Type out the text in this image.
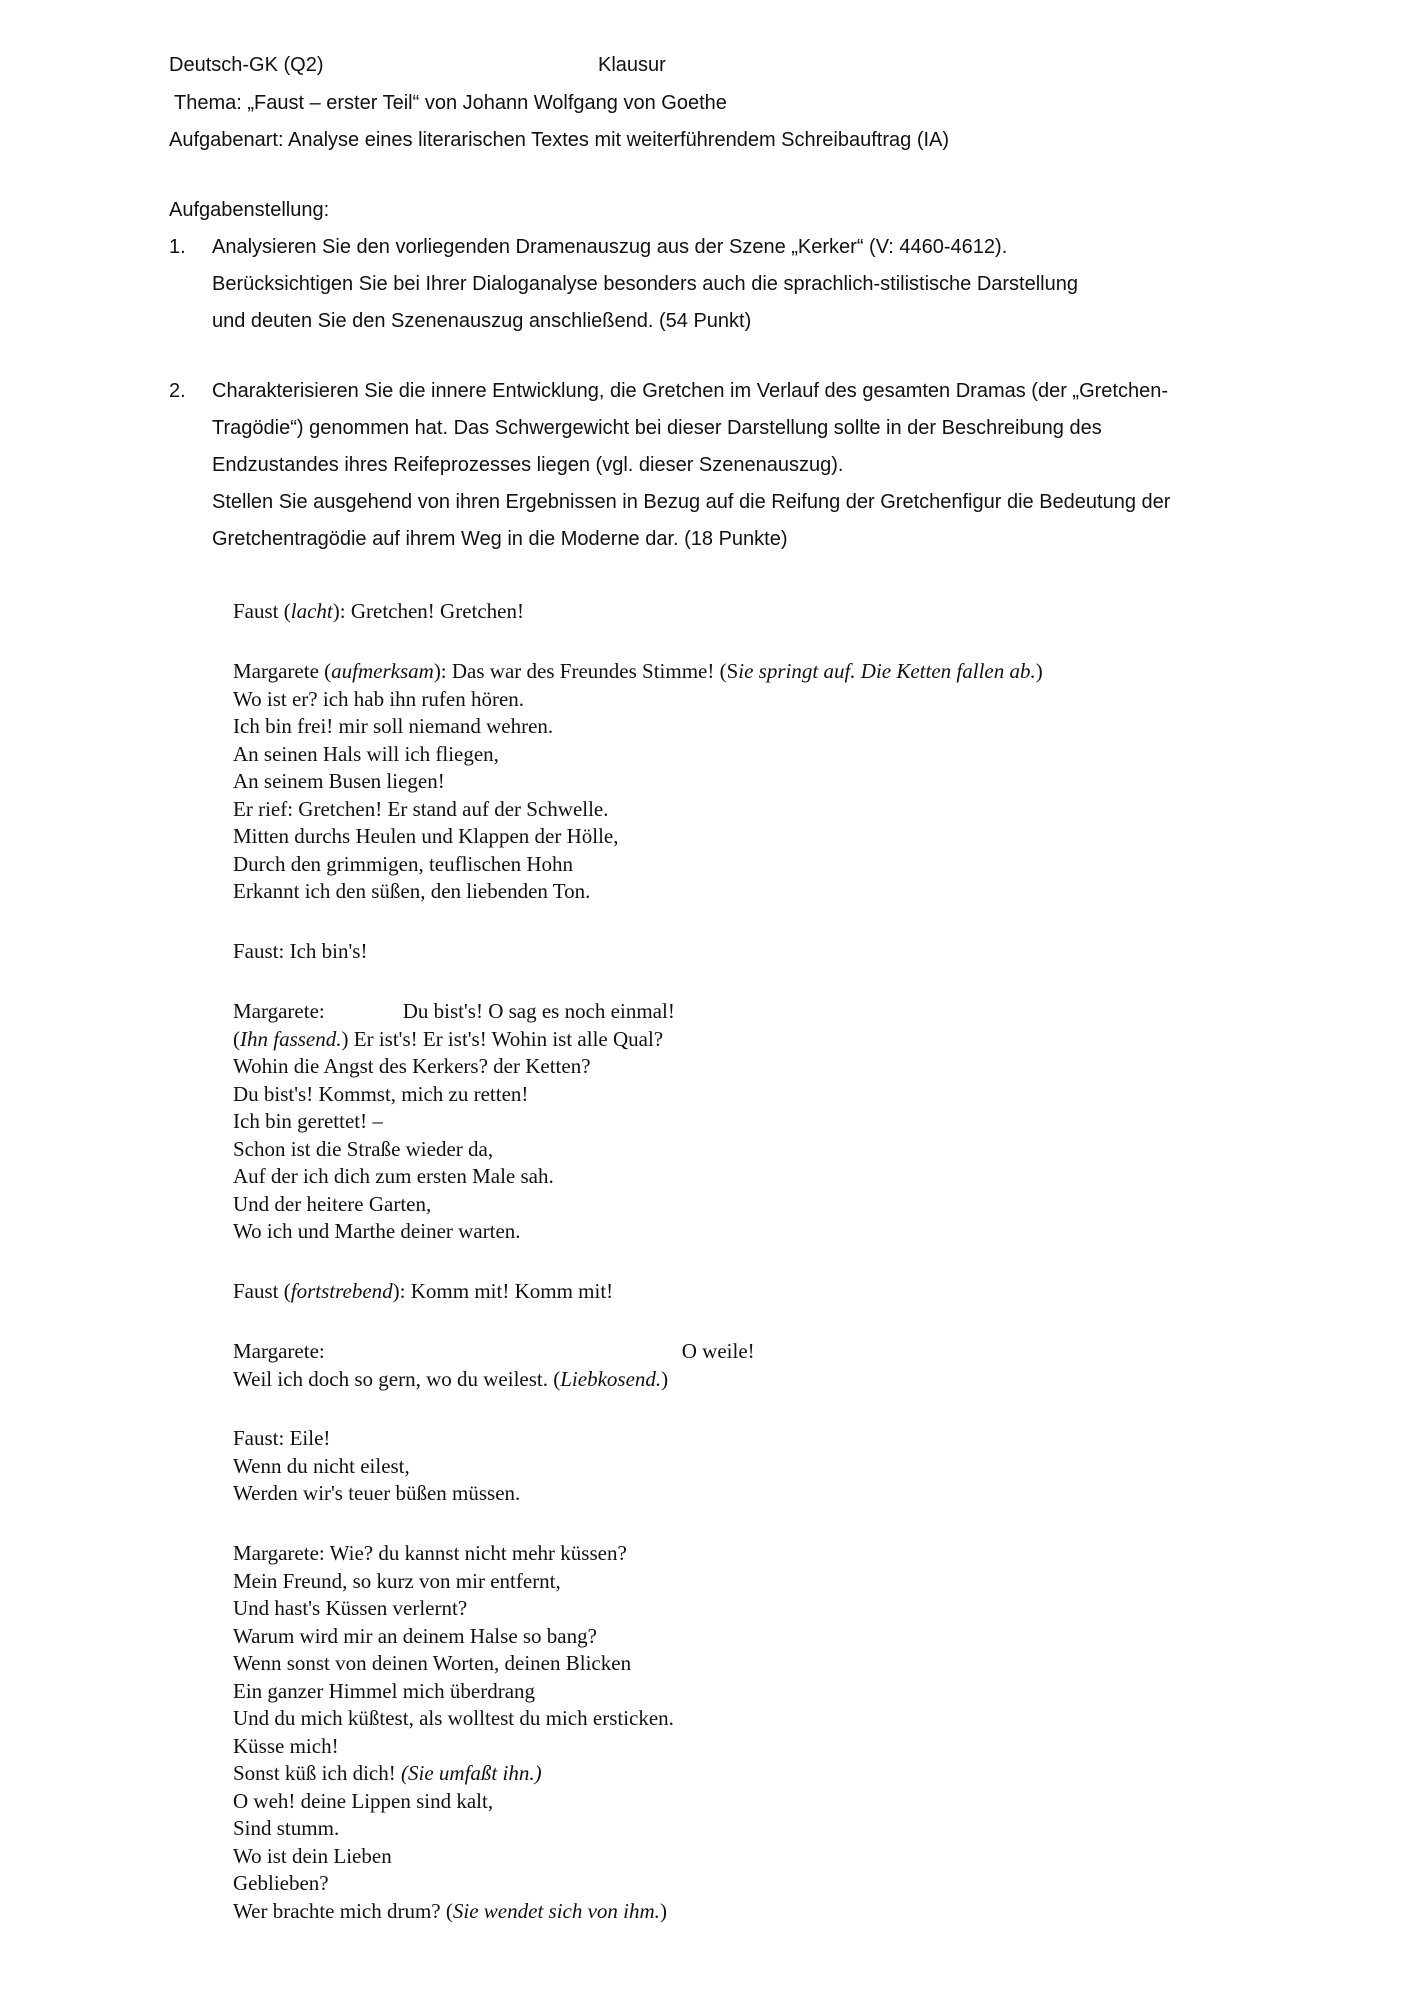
Deutsch-GK (Q2)	Klausur
Thema: „Faust – erster Teil“ von Johann Wolfgang von Goethe
Aufgabenart: Analyse eines literarischen Textes mit weiterführendem Schreibauftrag (IA)
Aufgabenstellung:
1. Analysieren Sie den vorliegenden Dramenauszug aus der Szene „Kerker“ (V: 4460-4612).
Berücksichtigen Sie bei Ihrer Dialoganalyse besonders auch die sprachlich-stilistische Darstellung
und deuten Sie den Szenenauszug anschließend. (54 Punkt)
2. Charakterisieren Sie die innere Entwicklung, die Gretchen im Verlauf des gesamten Dramas (der „Gretchen-
Tragödie“) genommen hat. Das Schwergewicht bei dieser Darstellung sollte in der Beschreibung des
Endzustandes ihres Reifeprozesses liegen (vgl. dieser Szenenauszug).
Stellen Sie ausgehend von ihren Ergebnissen in Bezug auf die Reifung der Gretchenfigur die Bedeutung der
Gretchentragödie auf ihrem Weg in die Moderne dar. (18 Punkte)
Faust (lacht): Gretchen! Gretchen!
Margarete (aufmerksam): Das war des Freundes Stimme! (Sie springt auf. Die Ketten fallen ab.)
Wo ist er? ich hab ihn rufen hören.
Ich bin frei! mir soll niemand wehren.
An seinen Hals will ich fliegen,
An seinem Busen liegen!
Er rief: Gretchen! Er stand auf der Schwelle.
Mitten durchs Heulen und Klappen der Hölle,
Durch den grimmigen, teuflischen Hohn
Erkannt ich den süßen, den liebenden Ton.
Faust: Ich bin's!
Margarete:	Du bist's! O sag es noch einmal!
(Ihn fassend.) Er ist's! Er ist's! Wohin ist alle Qual?
Wohin die Angst des Kerkers? der Ketten?
Du bist's! Kommst, mich zu retten!
Ich bin gerettet! –
Schon ist die Straße wieder da,
Auf der ich dich zum ersten Male sah.
Und der heitere Garten,
Wo ich und Marthe deiner warten.
Faust (fortstrebend): Komm mit! Komm mit!
Margarete:	O weile!
Weil ich doch so gern, wo du weilest. (Liebkosend.)
Faust: Eile!
Wenn du nicht eilest,
Werden wir's teuer büßen müssen.
Margarete: Wie? du kannst nicht mehr küssen?
Mein Freund, so kurz von mir entfernt,
Und hast's Küssen verlernt?
Warum wird mir an deinem Halse so bang?
Wenn sonst von deinen Worten, deinen Blicken
Ein ganzer Himmel mich überdrang
Und du mich küßtest, als wolltest du mich ersticken.
Küsse mich!
Sonst küß ich dich! (Sie umfaßt ihn.)
O weh! deine Lippen sind kalt,
Sind stumm.
Wo ist dein Lieben
Geblieben?
Wer brachte mich drum? (Sie wendet sich von ihm.)
